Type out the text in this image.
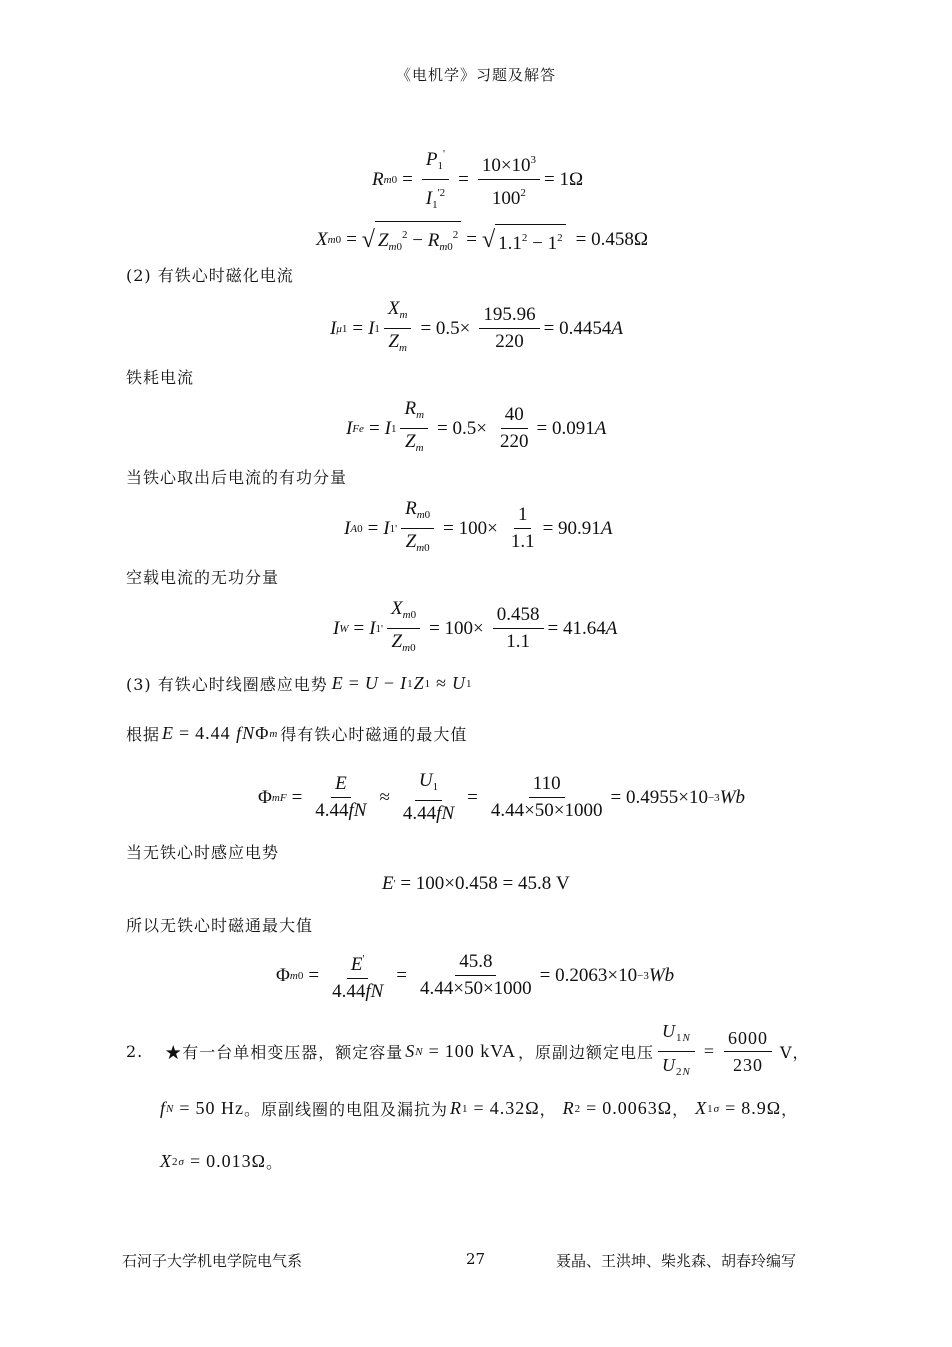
《电机学》习题及解答
R m $0 = \frac{P_1'}{I_1^{'2}} = \frac{10\times 10^3}{100^2} = 1\Omega$
X m 0 = √ $Z_{m0}^2 - R_{m0}^2$ = √ $1.1^2 - 1^2 = 0.458\Omega$
(2) 有铁心时磁化电流
I μ1 = I $1 \frac{X_m}{Z_m} = 0.5\times \frac{195.96}{220} = 0.4454$ A
铁耗电流
I Fe = I $1 \frac{R_m}{Z_m} = 0.5\times \frac{40}{220} = 0.091$ A
当铁心取出后电流的有功分量
I A0 = I 1 ' $\frac{R_{m0}}{Z_{m0}} = 100\times \frac{1}{1.1} = 90.91$ A
空载电流的无功分量
I W = I 1 ' $\frac{X_{m0}}{Z_{m0}} = 100\times \frac{0.458}{1.1} = 41.64$ A
(3) 有铁心时线圈感应电势 E = U − I 1 Z 1 ≈ U 1
根据 E = 4.44 fN Φ m 得有铁心时磁通的最大值
Φ mF = $\frac{E}{4.44fN} \approx \frac{U_1}{4.44fN} = \frac{110}{4.44\times 50\times 1000} = 0.4955\times 10 -3$ Wb
当无铁心时感应电势
E '
= 100×0.458 = 45.8 V
所以无铁心时磁通最大值
Φ $m0 = \frac{E'}{4.44fN} = \frac{45.8}{4.44\times 50\times 1000} = 0.2063\times 10 -3$ Wb
2. ★有一台单相变压器，额定容量 S N = 100 kVA ，原副边额定电压 $\frac{U_{1N}}{U_{2N}} = \frac{6000}{230}$ V，
f N = 50 Hz 。原副线圈的电阻及漏抗为 R 1 = 4.32Ω ， R 2 = 0.0063Ω ， X 1σ = 8.9Ω ，
X 2σ = 0.013Ω 。
石河子大学机电学院电气系	27	聂晶、王洪坤、柴兆森、胡春玲编写
